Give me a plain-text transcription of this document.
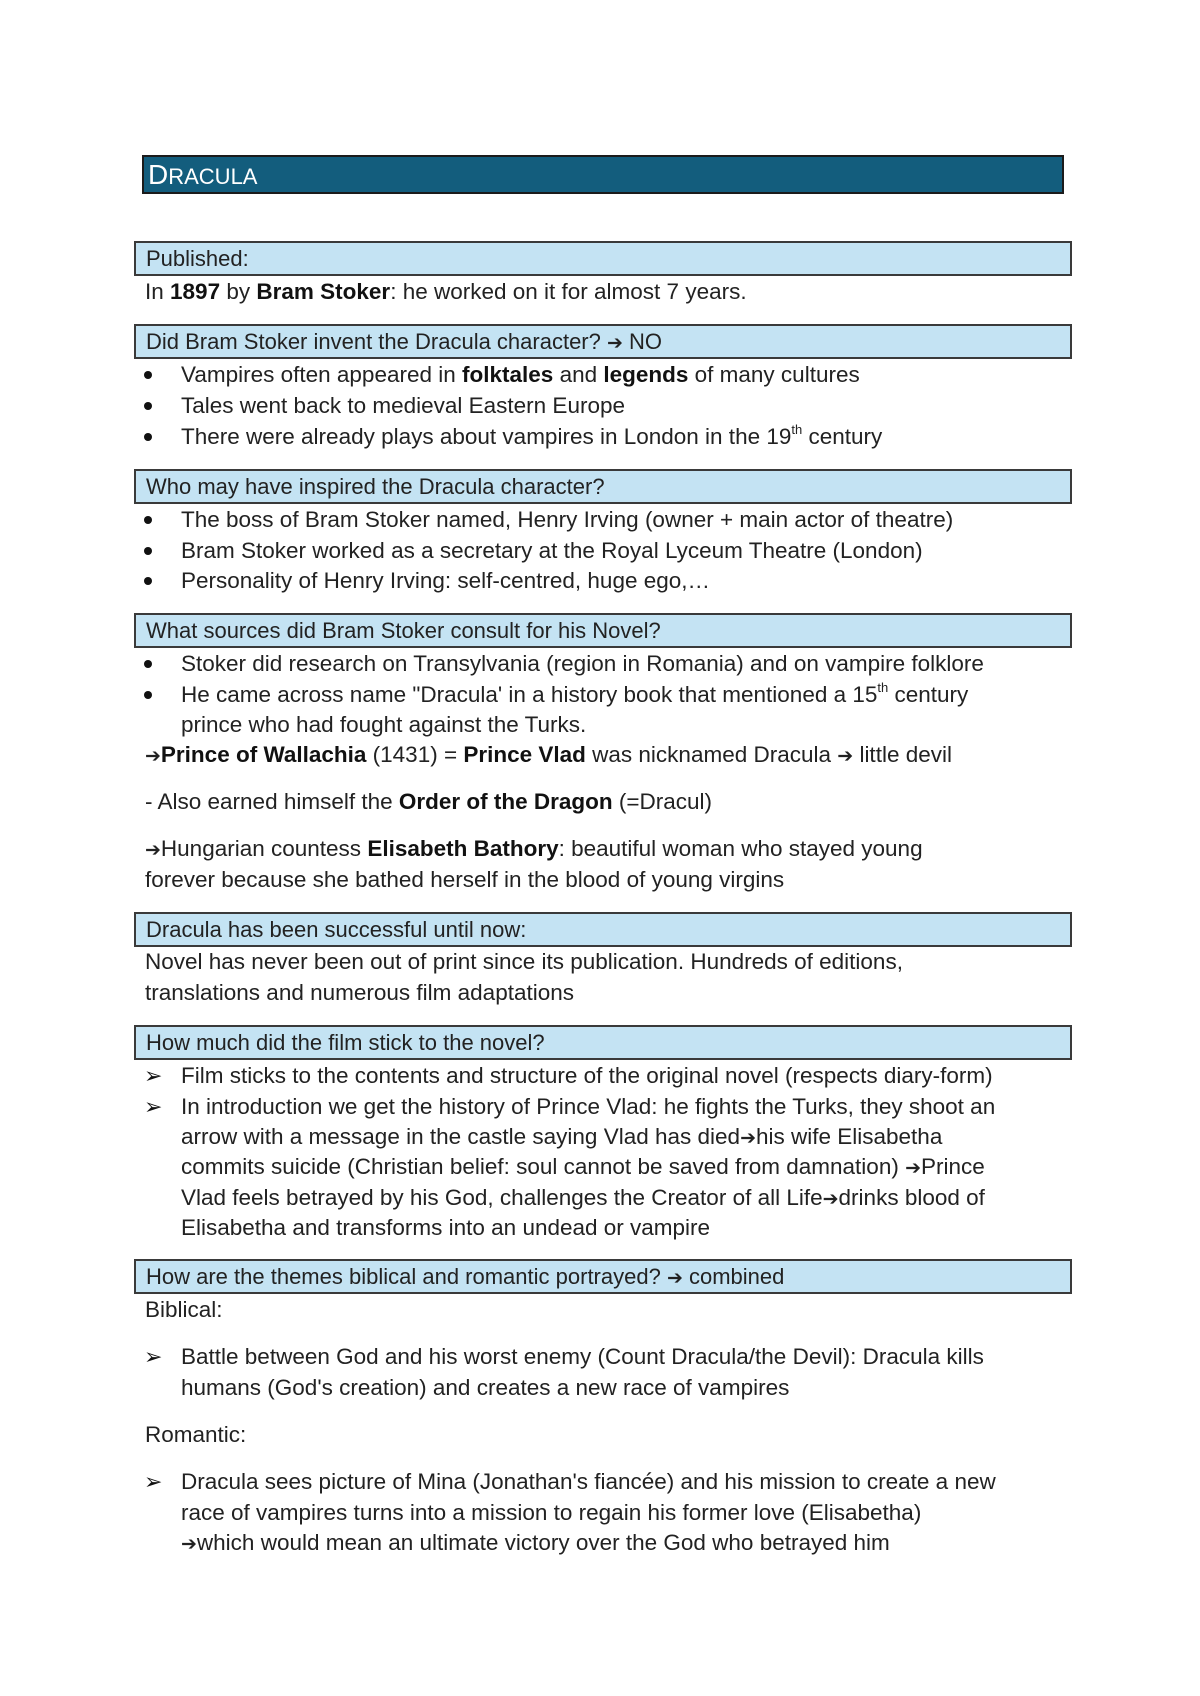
DRACULA
Published:
In 1897 by Bram Stoker: he worked on it for almost 7 years.
Did Bram Stoker invent the Dracula character? ➔ NO
Vampires often appeared in folktales and legends of many cultures
Tales went back to medieval Eastern Europe
There were already plays about vampires in London in the 19th century
Who may have inspired the Dracula character?
The boss of Bram Stoker named, Henry Irving (owner + main actor of theatre)
Bram Stoker worked as a secretary at the Royal Lyceum Theatre (London)
Personality of Henry Irving: self-centred, huge ego,…
What sources did Bram Stoker consult for his Novel?
Stoker did research on Transylvania (region in Romania) and on vampire folklore
He came across name "Dracula' in a history book that mentioned a 15th century
prince who had fought against the Turks.
➔Prince of Wallachia (1431) = Prince Vlad was nicknamed Dracula ➔ little devil
- Also earned himself the Order of the Dragon (=Dracul)
➔Hungarian countess Elisabeth Bathory: beautiful woman who stayed young
forever because she bathed herself in the blood of young virgins
Dracula has been successful until now:
Novel has never been out of print since its publication. Hundreds of editions,
translations and numerous film adaptations
How much did the film stick to the novel?
➢ Film sticks to the contents and structure of the original novel (respects diary-form)
➢ In introduction we get the history of Prince Vlad: he fights the Turks, they shoot an
arrow with a message in the castle saying Vlad has died➔his wife Elisabetha
commits suicide (Christian belief: soul cannot be saved from damnation) ➔Prince
Vlad feels betrayed by his God, challenges the Creator of all Life➔drinks blood of
Elisabetha and transforms into an undead or vampire
How are the themes biblical and romantic portrayed? ➔ combined
Biblical:
➢ Battle between God and his worst enemy (Count Dracula/the Devil): Dracula kills
humans (God's creation) and creates a new race of vampires
Romantic:
➢ Dracula sees picture of Mina (Jonathan's fiancée) and his mission to create a new
race of vampires turns into a mission to regain his former love (Elisabetha)
➔which would mean an ultimate victory over the God who betrayed him
